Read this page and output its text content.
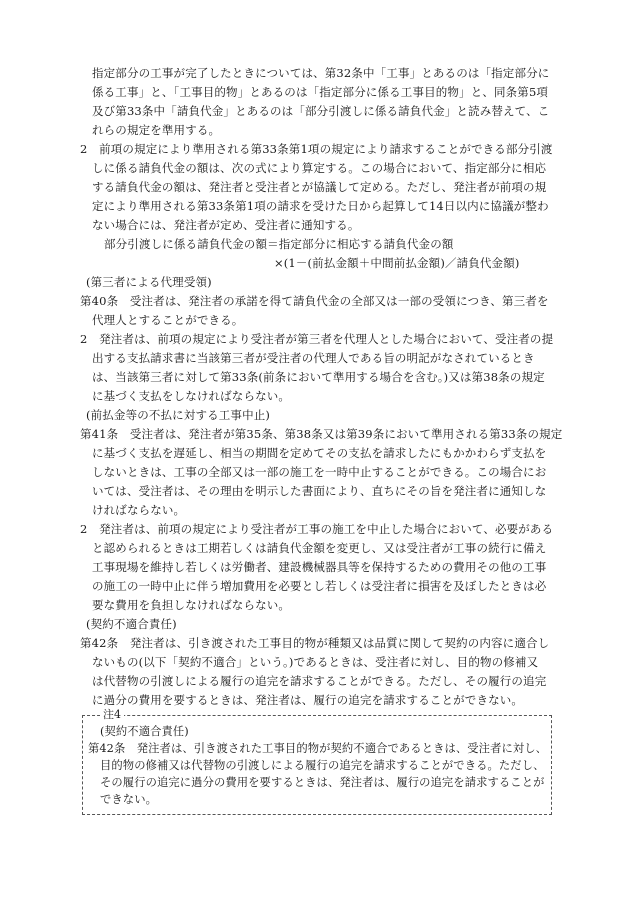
指定部分の工事が完了したときについては、第32条中「工事」とあるのは「指定部分に
係る工事」と、「工事目的物」とあるのは「指定部分に係る工事目的物」と、同条第5項
及び第33条中「請負代金」とあるのは「部分引渡しに係る請負代金」と読み替えて、こ
れらの規定を準用する。
2　前項の規定により準用される第33条第1項の規定により請求することができる部分引渡
しに係る請負代金の額は、次の式により算定する。この場合において、指定部分に相応
する請負代金の額は、発注者と受注者とが協議して定める。ただし、発注者が前項の規
定により準用される第33条第1項の請求を受けた日から起算して14日以内に協議が整わ
ない場合には、発注者が定め、受注者に通知する。
部分引渡しに係る請負代金の額＝指定部分に相応する請負代金の額
×(1－(前払金額＋中間前払金額)／請負代金額)
(第三者による代理受領)
第40条　受注者は、発注者の承諾を得て請負代金の全部又は一部の受領につき、第三者を
代理人とすることができる。
2　発注者は、前項の規定により受注者が第三者を代理人とした場合において、受注者の提
出する支払請求書に当該第三者が受注者の代理人である旨の明記がなされているとき
は、当該第三者に対して第33条(前条において準用する場合を含む。)又は第38条の規定
に基づく支払をしなければならない。
(前払金等の不払に対する工事中止)
第41条　受注者は、発注者が第35条、第38条又は第39条において準用される第33条の規定
に基づく支払を遅延し、相当の期間を定めてその支払を請求したにもかかわらず支払を
しないときは、工事の全部又は一部の施工を一時中止することができる。この場合にお
いては、受注者は、その理由を明示した書面により、直ちにその旨を発注者に通知しな
ければならない。
2　発注者は、前項の規定により受注者が工事の施工を中止した場合において、必要がある
と認められるときは工期若しくは請負代金額を変更し、又は受注者が工事の続行に備え
工事現場を維持し若しくは労働者、建設機械器具等を保持するための費用その他の工事
の施工の一時中止に伴う増加費用を必要とし若しくは受注者に損害を及ぼしたときは必
要な費用を負担しなければならない。
(契約不適合責任)
第42条　発注者は、引き渡された工事目的物が種類又は品質に関して契約の内容に適合し
ないもの(以下「契約不適合」という。)であるときは、受注者に対し、目的物の修補又
は代替物の引渡しによる履行の追完を請求することができる。ただし、その履行の追完
に過分の費用を要するときは、発注者は、履行の追完を請求することができない。
注4
(契約不適合責任)
第42条　発注者は、引き渡された工事目的物が契約不適合であるときは、受注者に対し、
目的物の修補又は代替物の引渡しによる履行の追完を請求することができる。ただし、
その履行の追完に過分の費用を要するときは、発注者は、履行の追完を請求することが
できない。
